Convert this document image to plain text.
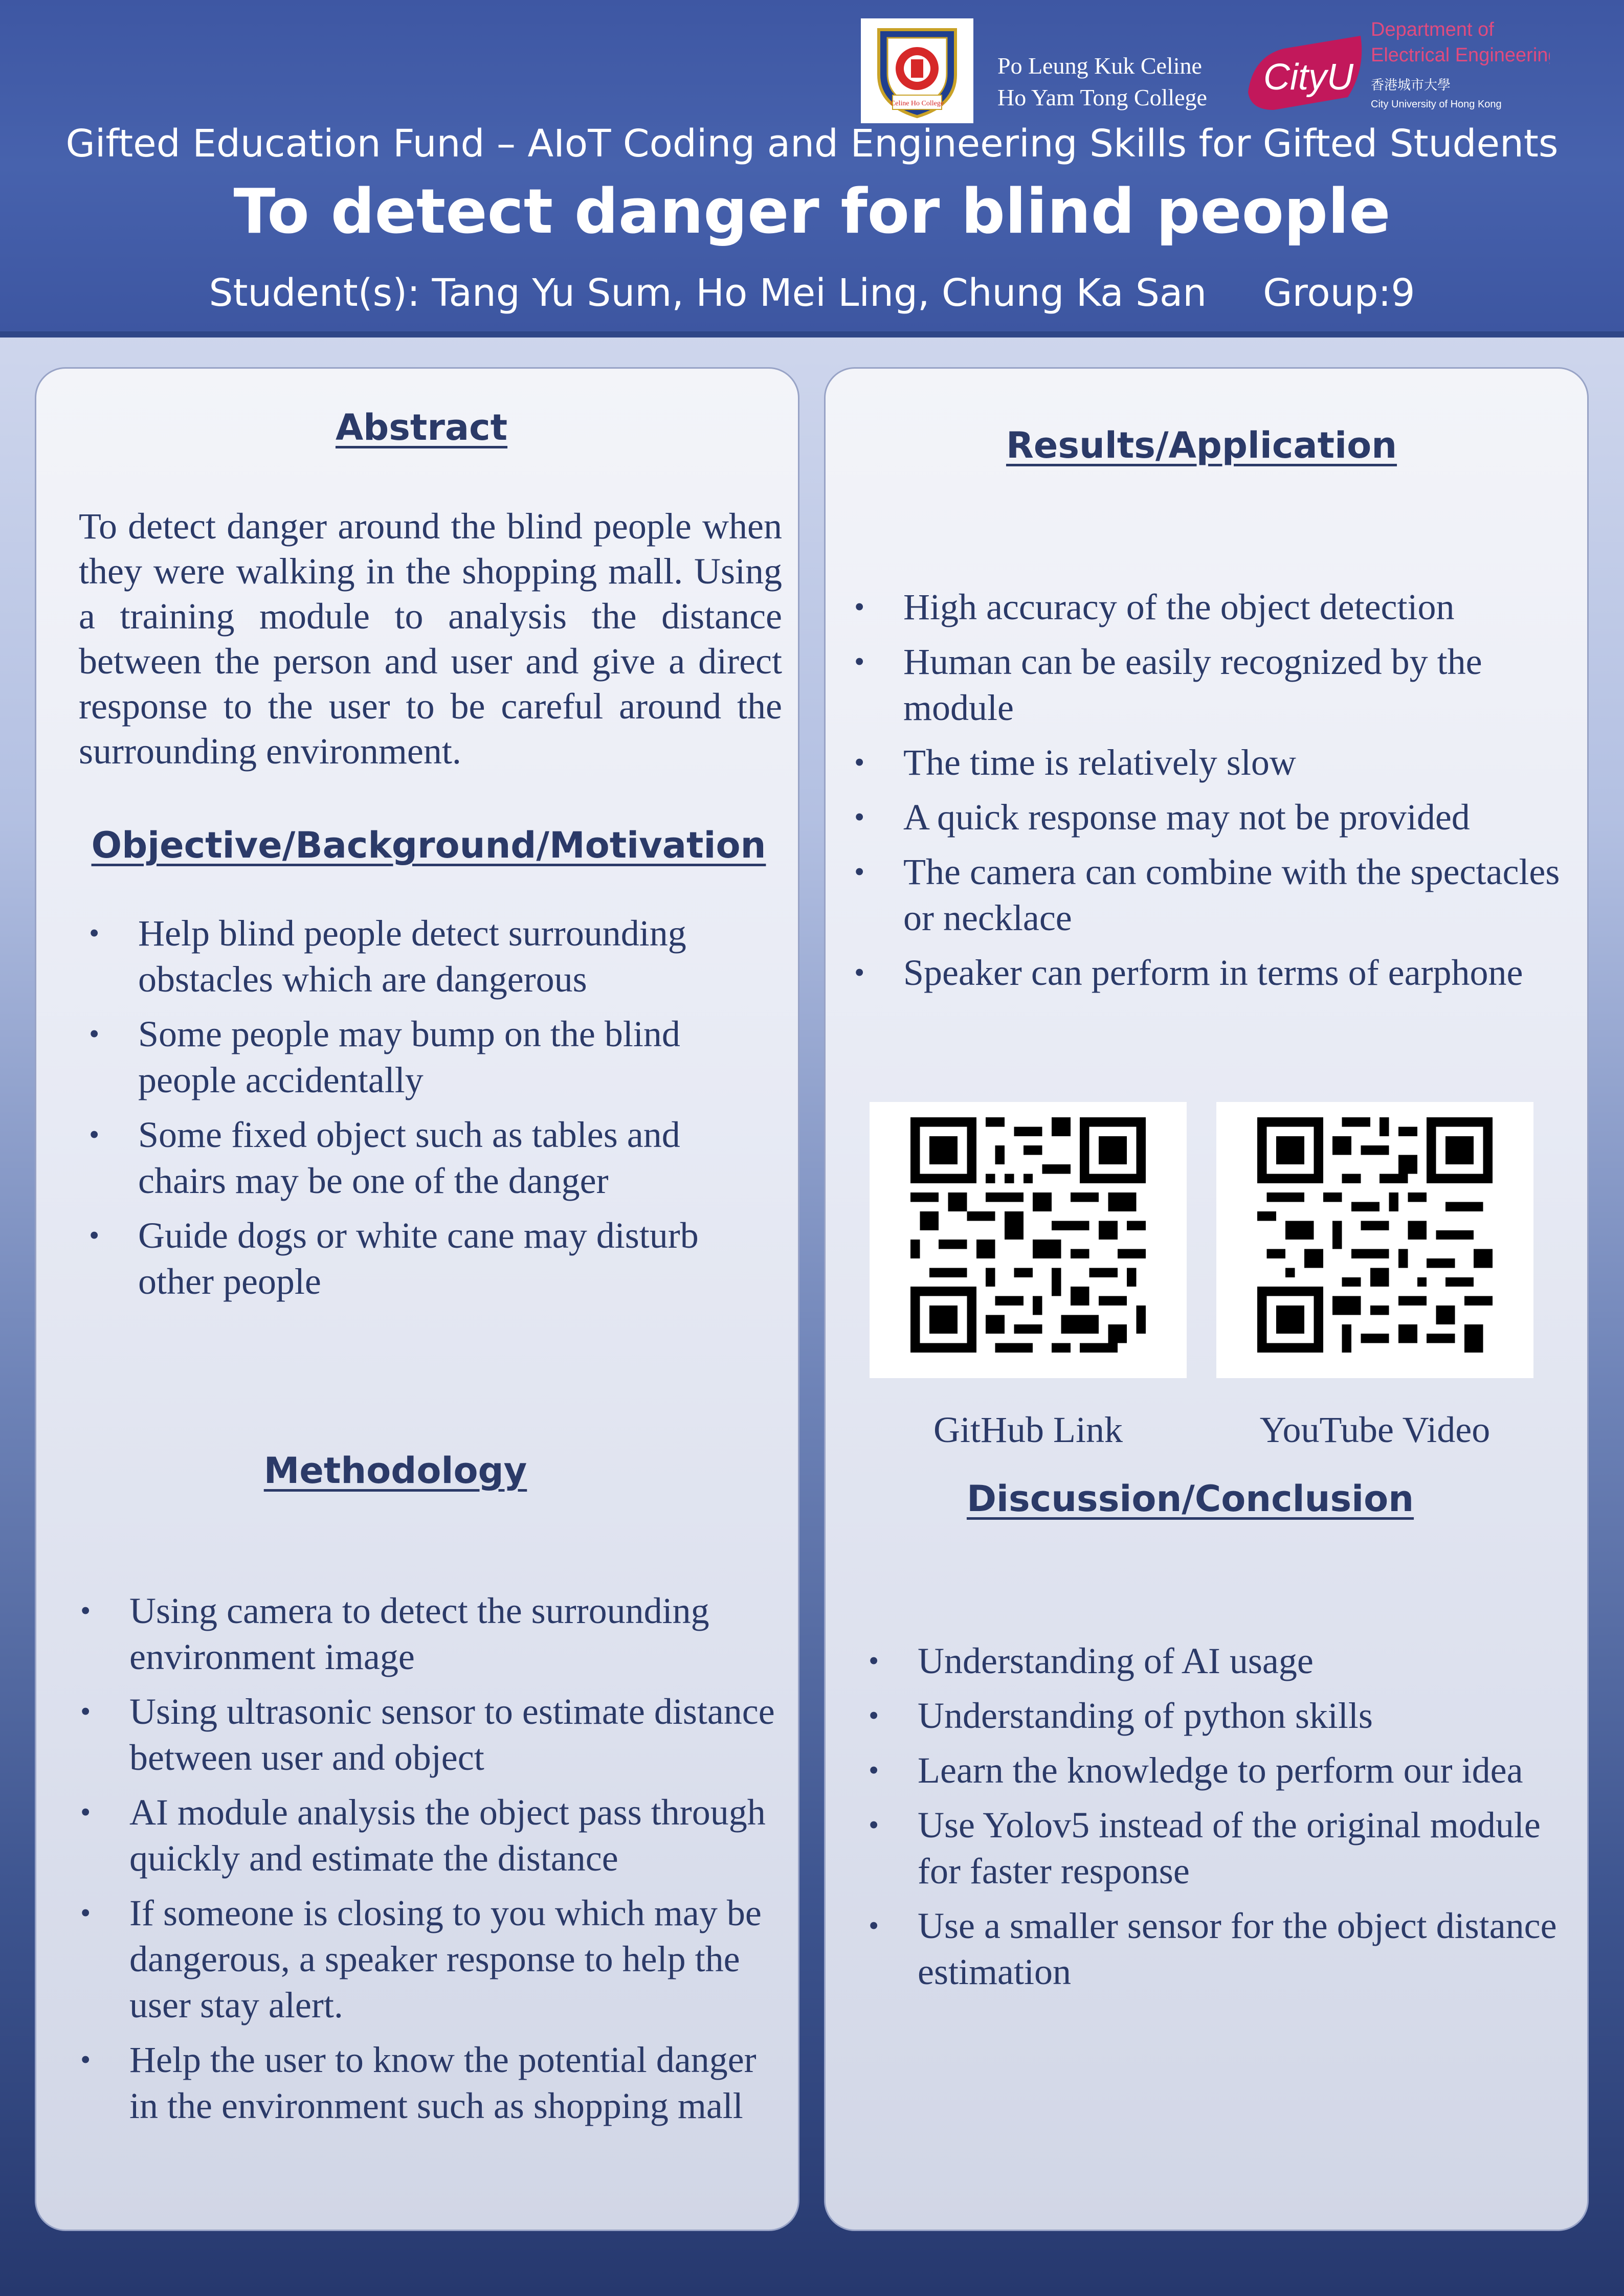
Celine Ho College

Po Leung Kuk Celine
Ho Yam Tong College CityU
Department of
Electrical Engineering
香港城市大學
City University of Hong Kong

Gifted Education Fund – AIoT Coding and Engineering Skills for Gifted Students

To detect danger for blind people

Student(s): Tang Yu Sum, Ho Mei Ling, Chung Ka San Group:9

Abstract

To detect danger around the blind people when they were walking in the shopping mall. Using a training module to analysis the distance between the person and user and give a direct response to the user to be careful around the surrounding environment.

Objective/Background/Motivation
• Help blind people detect surrounding obstacles which are dangerous
• Some people may bump on the blind people accidentally
• Some fixed object such as tables and chairs may be one of the danger
• Guide dogs or white cane may disturb other people
Methodology
• Using camera to detect the surrounding environment image
• Using ultrasonic sensor to estimate distance between user and object
• AI module analysis the object pass through quickly and estimate the distance
• If someone is closing to you which may be dangerous, a speaker response to help the user stay alert.
• Help the user to know the potential danger in the environment such as shopping mall
Results/Application
• High accuracy of the object detection
• Human can be easily recognized by the module
• The time is relatively slow
• A quick response may not be provided
• The camera can combine with the spectacles or necklace
• Speaker can perform in terms of earphone

GitHub Link	YouTube Video

Discussion/Conclusion
• Understanding of AI usage
• Understanding of python skills
• Learn the knowledge to perform our idea
• Use Yolov5 instead of the original module for faster response
• Use a smaller sensor for the object distance estimation
